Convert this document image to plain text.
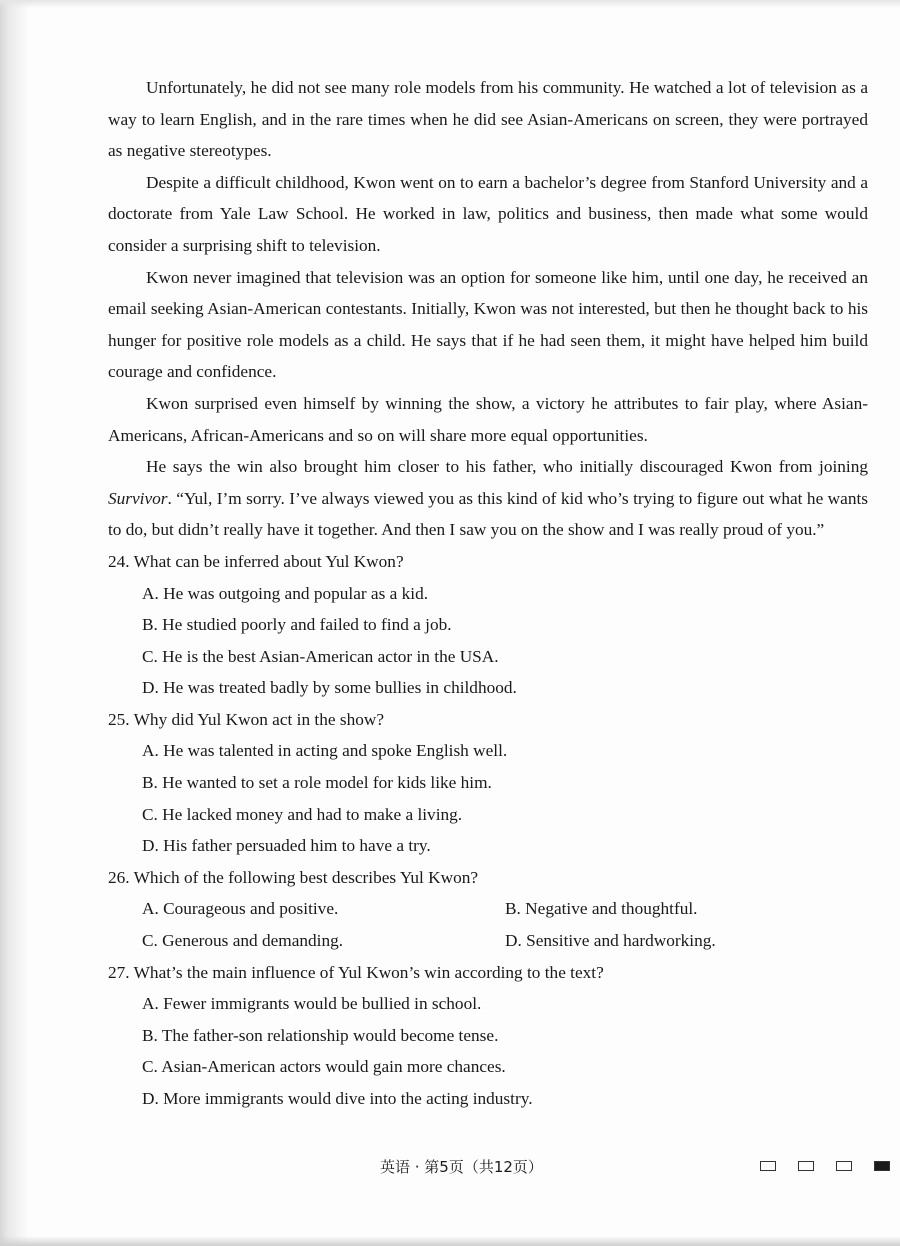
Unfortunately, he did not see many role models from his community. He watched a lot of television as a way to learn English, and in the rare times when he did see Asian-Americans on screen, they were portrayed as negative stereotypes.

Despite a difficult childhood, Kwon went on to earn a bachelor’s degree from Stanford University and a doctorate from Yale Law School. He worked in law, politics and business, then made what some would consider a surprising shift to television.

Kwon never imagined that television was an option for someone like him, until one day, he received an email seeking Asian-American contestants. Initially, Kwon was not interested, but then he thought back to his hunger for positive role models as a child. He says that if he had seen them, it might have helped him build courage and confidence.

Kwon surprised even himself by winning the show, a victory he attributes to fair play, where Asian-Americans, African-Americans and so on will share more equal opportunities.

He says the win also brought him closer to his father, who initially discouraged Kwon from joining Survivor. “Yul, I’m sorry. I’ve always viewed you as this kind of kid who’s trying to figure out what he wants to do, but didn’t really have it together. And then I saw you on the show and I was really proud of you.”

24. What can be inferred about Yul Kwon?

A. He was outgoing and popular as a kid.

B. He studied poorly and failed to find a job.

C. He is the best Asian-American actor in the USA.

D. He was treated badly by some bullies in childhood.

25. Why did Yul Kwon act in the show?

A. He was talented in acting and spoke English well.

B. He wanted to set a role model for kids like him.

C. He lacked money and had to make a living.

D. His father persuaded him to have a try.

26. Which of the following best describes Yul Kwon?

A. Courageous and positive.	B. Negative and thoughtful.
C. Generous and demanding.	D. Sensitive and hardworking.

27. What’s the main influence of Yul Kwon’s win according to the text?

A. Fewer immigrants would be bullied in school.

B. The father-son relationship would become tense.

C. Asian-American actors would gain more chances.

D. More immigrants would dive into the acting industry.

英语 · 第5页（共12页）
